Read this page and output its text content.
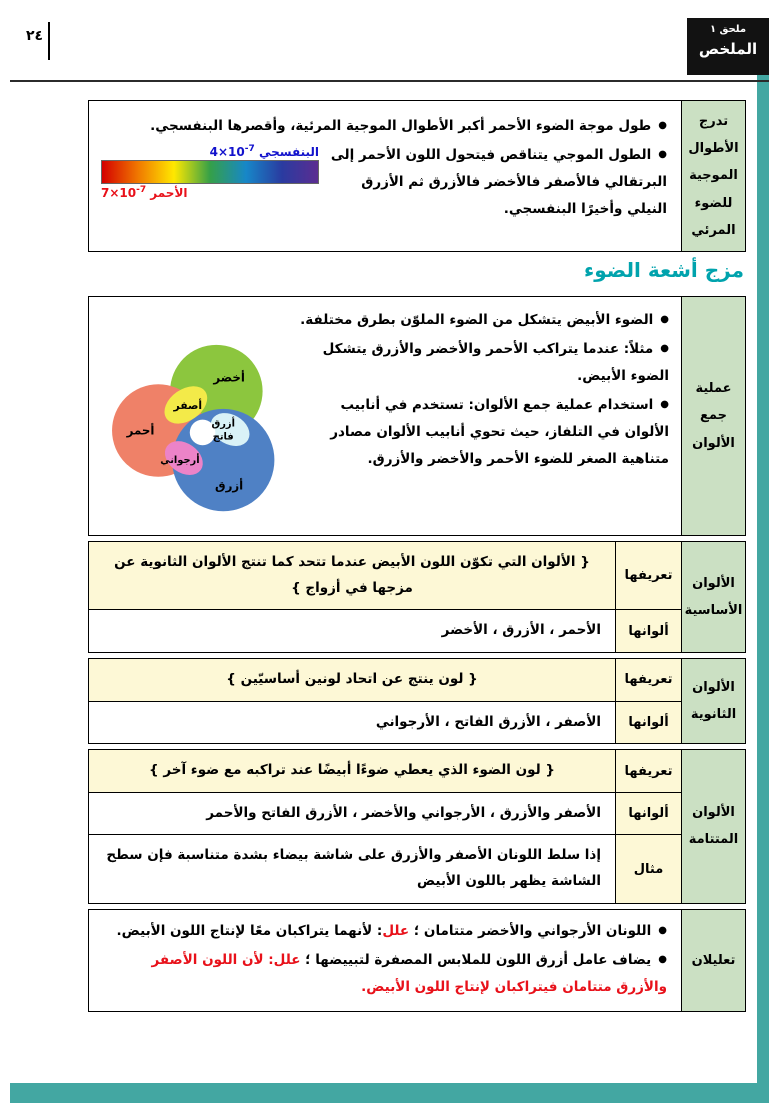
٢٤	ملحق ١
الملخص
تدرج الأطوال الموجية للضوء المرئي
●طول موجة الضوء الأحمر أكبر الأطوال الموجية المرئية، وأقصرها البنفسجي.
البنفسجي $4\times 10^{-7}$
الأحمر $7\times 10^{-7}$
●الطول الموجي يتناقص فيتحول اللون الأحمر إلى البرتقالي فالأصفر فالأخضر فالأزرق ثم الأزرق النيلي وأخيرًا البنفسجي.
مزج أشعة الضوء
عملية جمع الألوان
●الضوء الأبيض يتشكل من الضوء الملوّن بطرق مختلفة.
أخضر
أصفر
أحمر	أزرق
فاتح
أرجواني
أزرق
●مثلاً: عندما يتراكب الأحمر والأخضر والأزرق يتشكل الضوء الأبيض.
●استخدام عملية جمع الألوان: تستخدم في أنابيب الألوان في التلفاز، حيث تحوي أنابيب الألوان مصادر متناهية الصغر للضوء الأحمر والأخضر والأزرق.
الألوان الأساسية
تعريفها
{ الألوان التي تكوّن اللون الأبيض عندما تتحد كما تنتج الألوان الثانوية عن مزجها في أزواج }
ألوانها
الأحمر ، الأزرق ، الأخضر
الألوان الثانوية
تعريفها
{ لون ينتج عن اتحاد لونين أساسيّين }
ألوانها
الأصفر ، الأزرق الفاتح ، الأرجواني
الألوان المتتامة
تعريفها
{ لون الضوء الذي يعطي ضوءًا أبيضًا عند تراكبه مع ضوء آخر }
ألوانها
الأصفر والأزرق ، الأرجواني والأخضر ، الأزرق الفاتح والأحمر
مثال
إذا سلط اللونان الأصفر والأزرق على شاشة بيضاء بشدة متناسبة فإن سطح الشاشة يظهر باللون الأبيض
تعليلان
●اللونان الأرجواني والأخضر متتامان ؛ علل: لأنهما يتراكبان معًا لإنتاج اللون الأبيض.
●يضاف عامل أزرق اللون للملابس المصفرة لتبييضها ؛ علل: لأن اللون الأصفر والأزرق متتامان فيتراكبان لإنتاج اللون الأبيض.
